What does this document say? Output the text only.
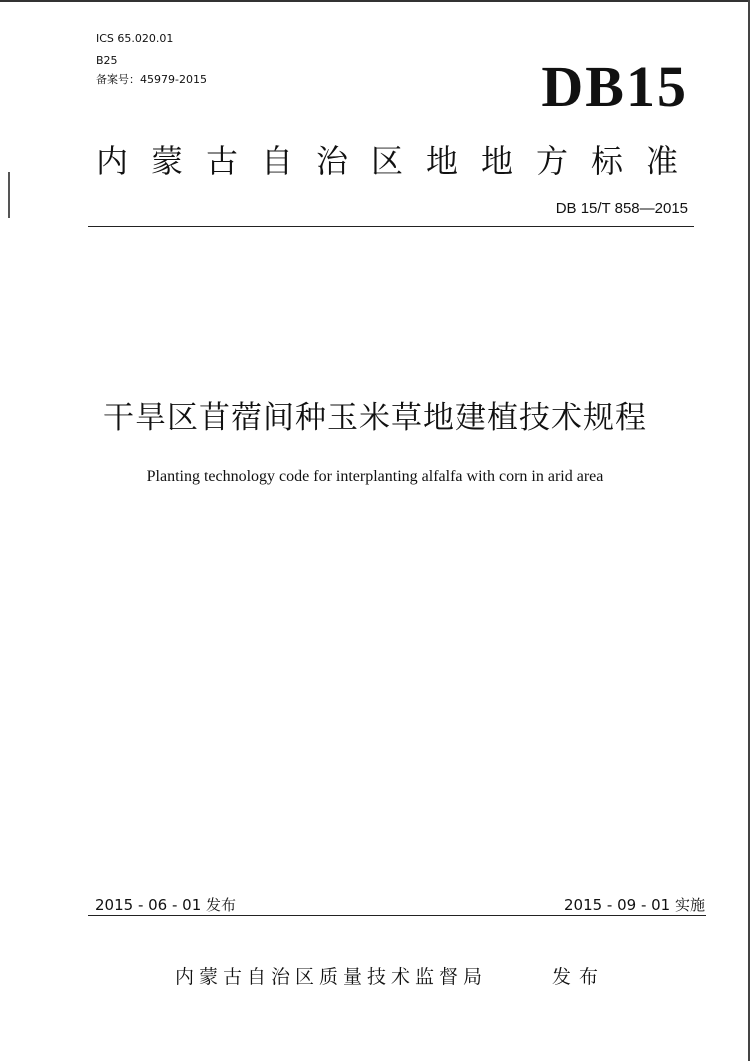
ICS 65.020.01
B25
备案号：45979-2015	DB15
内蒙古自治区地地方标准
DB 15/T 858—2015
干旱区苜蓿间种玉米草地建植技术规程
Planting technology code for interplanting alfalfa with corn in arid area
2015 - 06 - 01 发布	2015 - 09 - 01 实施
内蒙古自治区质量技术监督局	发布
